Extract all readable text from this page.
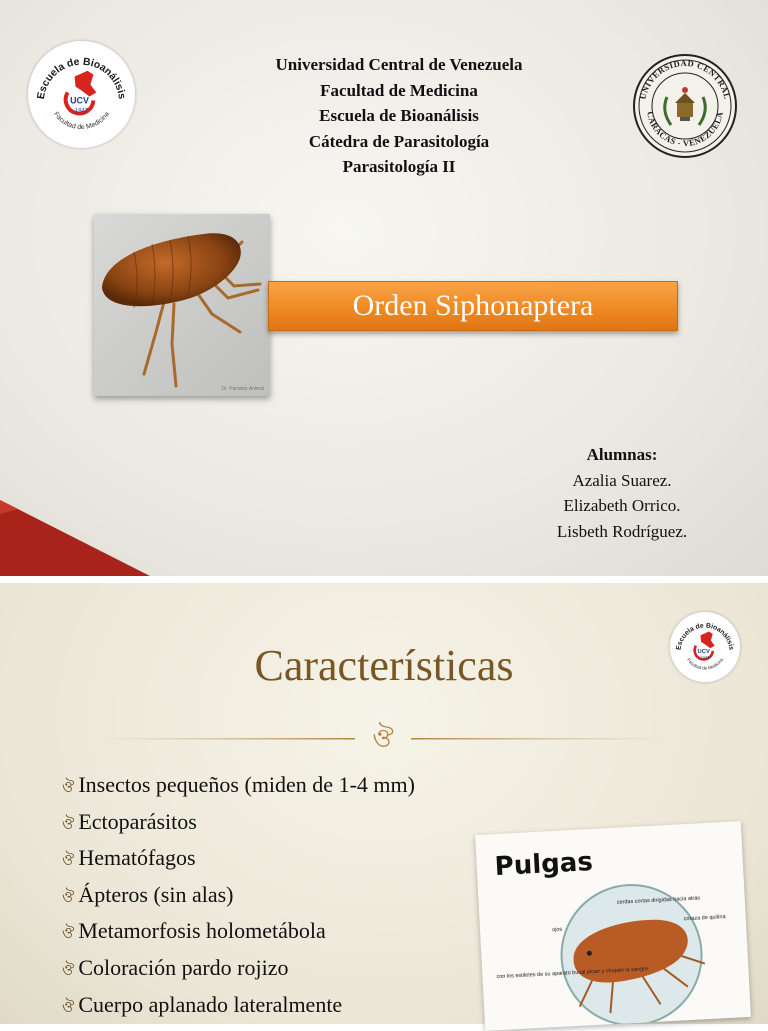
Escuela de Bioanálisis
Facultad de Medicina
UCV
1947
Universidad Central de Venezuela
Facultad de Medicina
Escuela de Bioanálisis
Cátedra de Parasitología
Parasitología II
UNIVERSIDAD CENTRAL
CARACAS - VENEZUELA
Dr. Parasito Animal
Orden Siphonaptera
Alumnas:
Azalia Suarez.
Elizabeth Orrico.
Lisbeth Rodríguez.
Escuela de Bioanálisis
Facultad de Medicina
UCV
1947
Características
ঔ
ঔ Insectos pequeños (miden de 1-4 mm)
ঔ Ectoparásitos
ঔ Hematófagos
ঔ Ápteros (sin alas)
ঔ Metamorfosis holometábola
ঔ Coloración pardo rojizo
ঔ Cuerpo aplanado lateralmente
cerdas cortas dirigidas hacia atrás
ojos
coraza de quitina
con los estiletes de su aparato bucal pican y chupan la sangre
Pulgas
